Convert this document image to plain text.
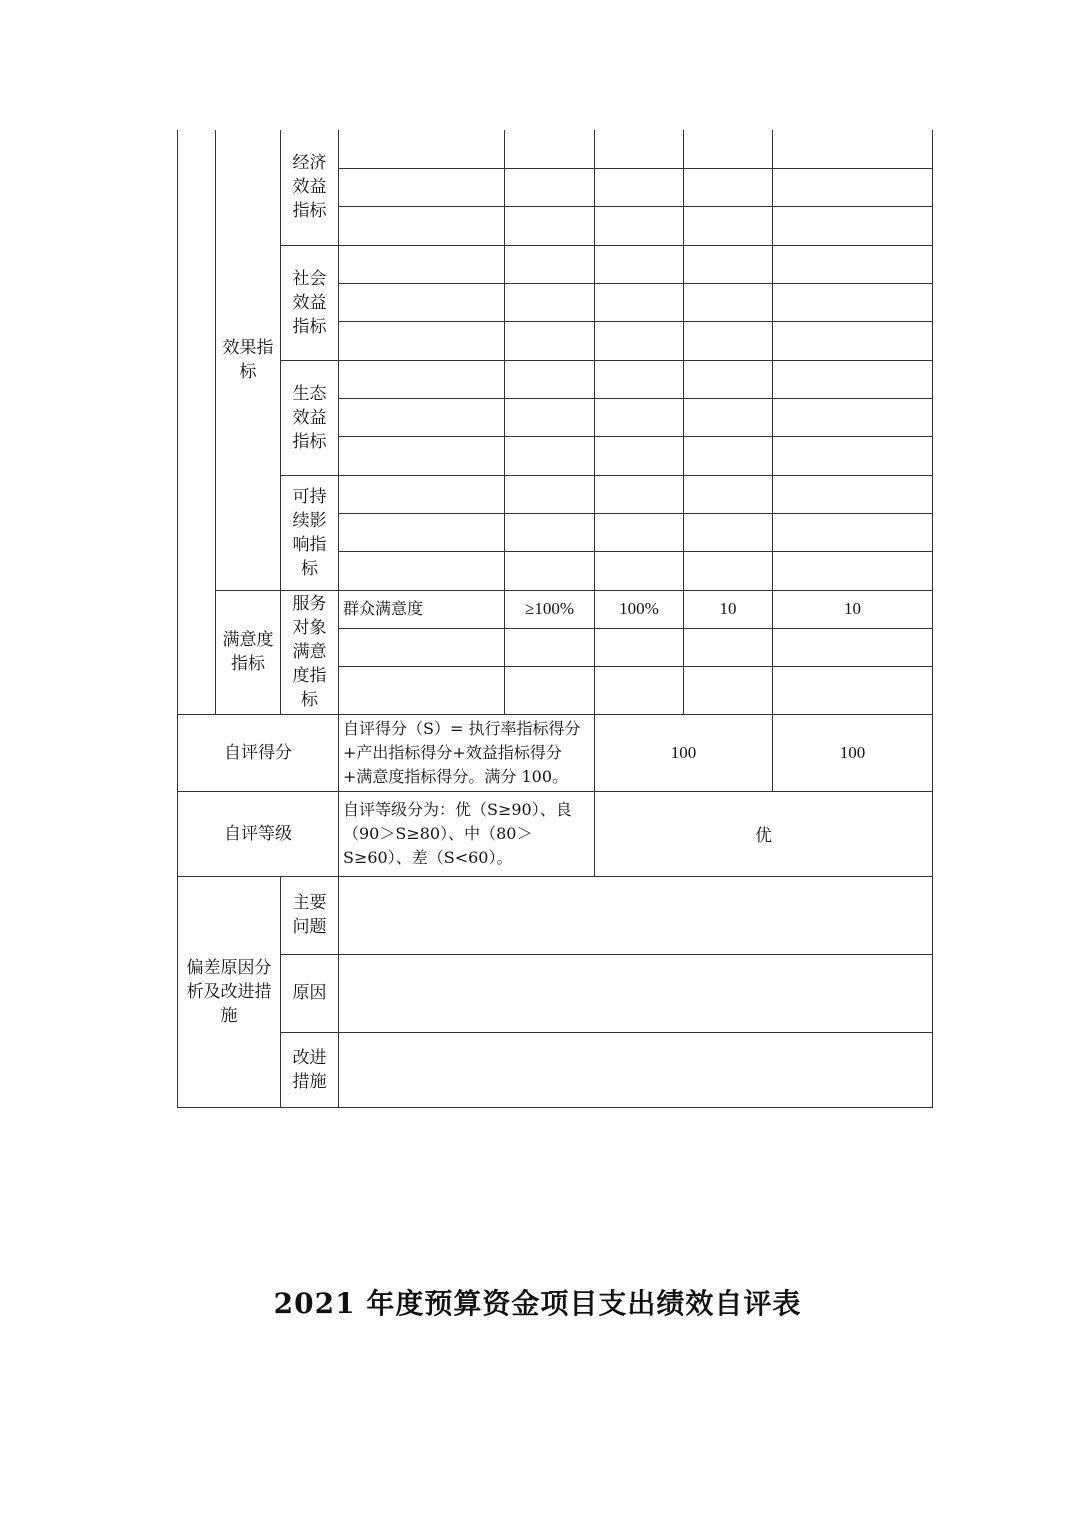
	效果指标	经济效益指标					

		社会效益指标					

		生态效益指标					

		可持续影响指标					

	满意度指标	服务对象满意度指标	群众满意度	≥100%	100%	10	10

自评得分			自评得分（S）= 执行率指标得分+产出指标得分+效益指标得分+满意度指标得分。满分 100。		100		100
自评等级			自评等级分为：优（S≥90）、良（90＞S≥80）、中（80＞S≥60）、差（S<60）。		优		

偏差原因分析及改进措施		主要问题					

		原因					

		改进措施					

2021 年度预算资金项目支出绩效自评表
